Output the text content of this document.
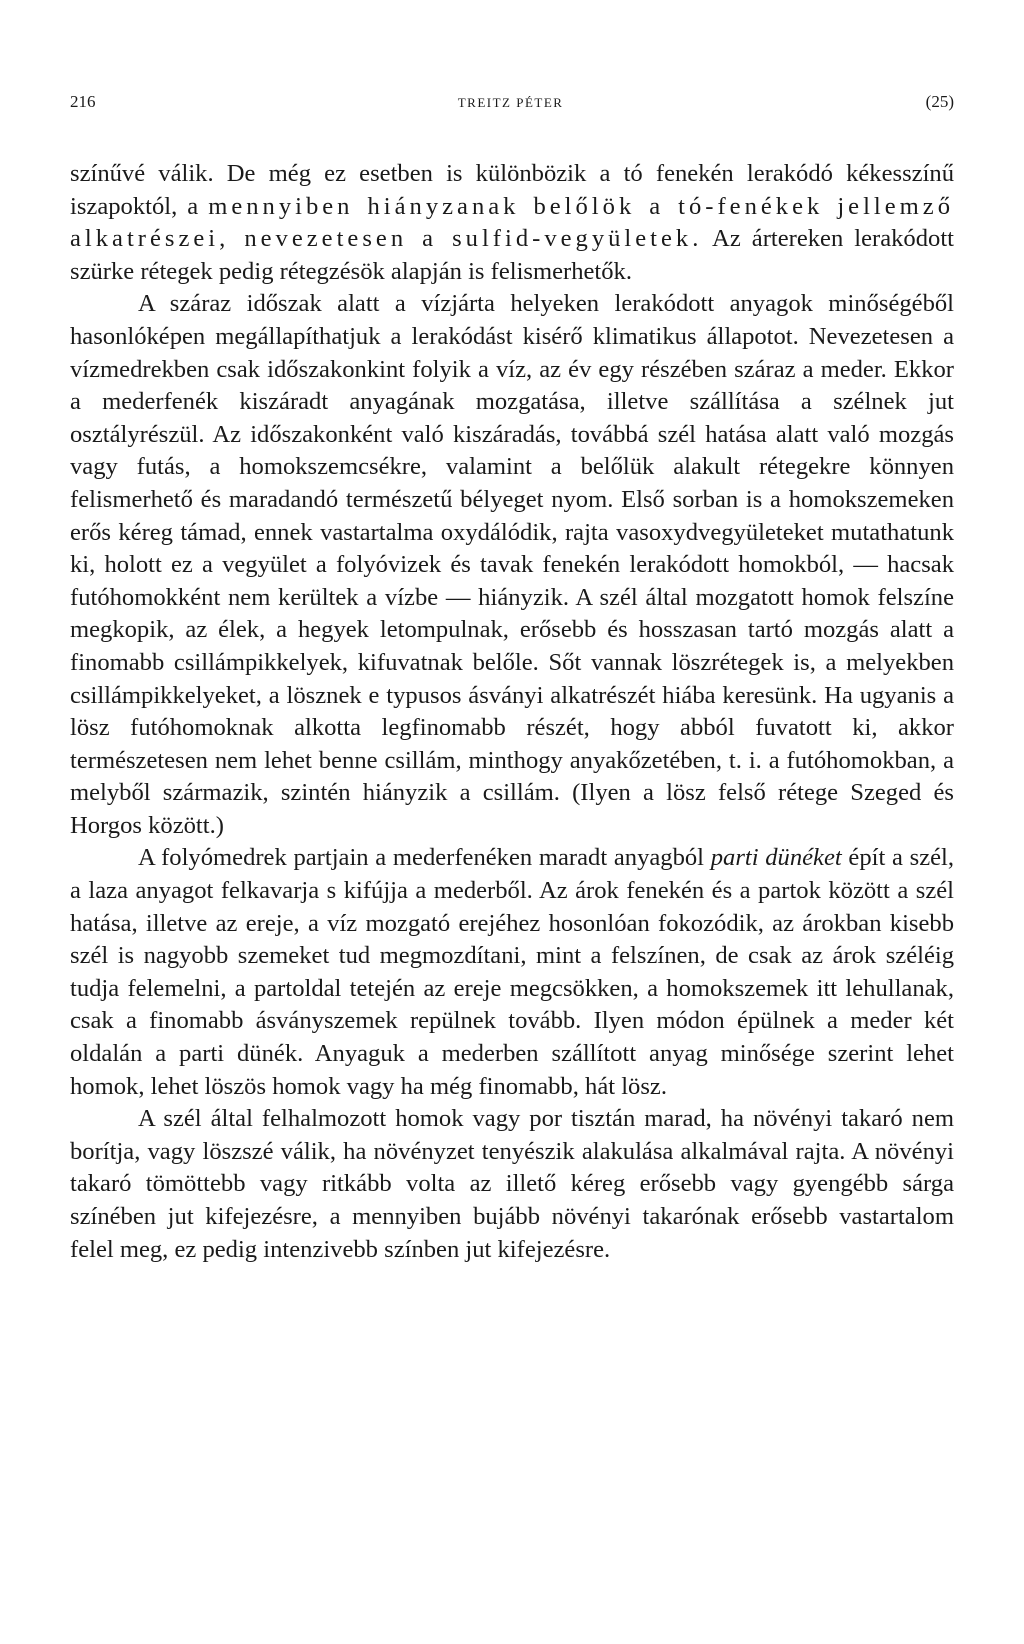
216	TREITZ PÉTER	(25)

színűvé válik. De még ez esetben is különbözik a tó fenekén lerakódó kékesszínű iszapoktól, a mennyiben hiányzanak belőlök a tó-fenékek jellemző alkatrészei, nevezetesen a sulfid-vegyületek. Az ártereken lerakódott szürke rétegek pedig rétegzésök alapján is felismerhetők.

A száraz időszak alatt a vízjárta helyeken lerakódott anyagok minőségéből hasonlóképen megállapíthatjuk a lerakódást kisérő klimatikus állapotot. Nevezetesen a vízmedrekben csak időszakonkint folyik a víz, az év egy részében száraz a meder. Ekkor a mederfenék kiszáradt anyagának mozgatása, illetve szállítása a szélnek jut osztályrészül. Az időszakonként való kiszáradás, továbbá szél hatása alatt való mozgás vagy futás, a homokszemcsékre, valamint a belőlük alakult rétegekre könnyen felismerhető és maradandó természetű bélyeget nyom. Első sorban is a homokszemeken erős kéreg támad, ennek vastartalma oxydálódik, rajta vasoxydvegyületeket mutathatunk ki, holott ez a vegyület a folyóvizek és tavak fenekén lerakódott homokból, — hacsak futóhomokként nem kerültek a vízbe — hiányzik. A szél által mozgatott homok felszíne megkopik, az élek, a hegyek letompulnak, erősebb és hosszasan tartó mozgás alatt a finomabb csillámpikkelyek, kifuvatnak belőle. Sőt vannak löszrétegek is, a melyekben csillámpikkelyeket, a lösznek e typusos ásványi alkatrészét hiába keresünk. Ha ugyanis a lösz futóhomoknak alkotta legfinomabb részét, hogy abból fuvatott ki, akkor természetesen nem lehet benne csillám, minthogy anyakőzetében, t. i. a futóhomokban, a melyből származik, szintén hiányzik a csillám. (Ilyen a lösz felső rétege Szeged és Horgos között.)

A folyómedrek partjain a mederfenéken maradt anyagból parti dünéket épít a szél, a laza anyagot felkavarja s kifújja a mederből. Az árok fenekén és a partok között a szél hatása, illetve az ereje, a víz mozgató erejéhez hosonlóan fokozódik, az árokban kisebb szél is nagyobb szemeket tud megmozdítani, mint a felszínen, de csak az árok széléig tudja felemelni, a partoldal tetején az ereje megcsökken, a homokszemek itt lehullanak, csak a finomabb ásványszemek repülnek tovább. Ilyen módon épülnek a meder két oldalán a parti dünék. Anyaguk a mederben szállított anyag minősége szerint lehet homok, lehet löszös homok vagy ha még finomabb, hát lösz.

A szél által felhalmozott homok vagy por tisztán marad, ha növényi takaró nem borítja, vagy löszszé válik, ha növényzet tenyészik alakulása alkalmával rajta. A növényi takaró tömöttebb vagy ritkább volta az illető kéreg erősebb vagy gyengébb sárga színében jut kifejezésre, a mennyiben bujább növényi takarónak erősebb vastartalom felel meg, ez pedig intenzivebb színben jut kifejezésre.
